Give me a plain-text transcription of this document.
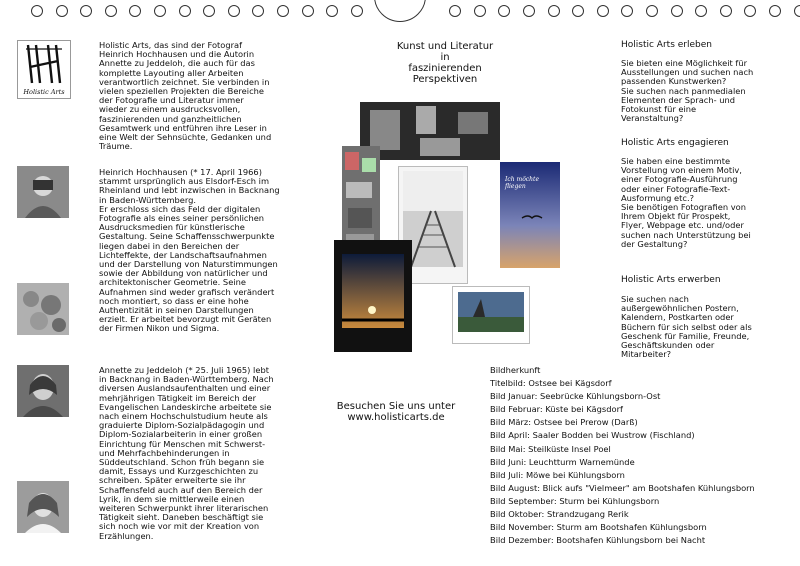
Holistic Arts
Holistic Arts, das sind der Fotograf
Heinrich Hochhausen und die Autorin
Annette zu Jeddeloh, die auch für das
komplette Layouting aller Arbeiten
verantwortlich zeichnet. Sie verbinden in
vielen speziellen Projekten die Bereiche
der Fotografie und Literatur immer
wieder zu einem ausdrucksvollen,
faszinierenden und ganzheitlichen
Gesamtwerk und entführen ihre Leser in
eine Welt der Sehnsüchte, Gedanken und
Träume.
Heinrich Hochhausen (* 17. April 1966)
stammt ursprünglich aus Elsdorf-Esch im
Rheinland und lebt inzwischen in Backnang
in Baden-Württemberg.
Er erschloss sich das Feld der digitalen
Fotografie als eines seiner persönlichen
Ausdrucksmedien für künstlerische
Gestaltung. Seine Schaffensschwerpunkte
liegen dabei in den Bereichen der
Lichteffekte, der Landschaftsaufnahmen
und der Darstellung von Naturstimmungen
sowie der Abbildung von natürlicher und
architektonischer Geometrie. Seine
Aufnahmen sind weder grafisch verändert
noch montiert, so dass er eine hohe
Authentizität in seinen Darstellungen
erzielt. Er arbeitet bevorzugt mit Geräten
der Firmen Nikon und Sigma.
Annette zu Jeddeloh (* 25. Juli 1965) lebt
in Backnang in Baden-Württemberg. Nach
diversen Auslandsaufenthalten und einer
mehrjährigen Tätigkeit im Bereich der
Evangelischen Landeskirche arbeitete sie
nach einem Hochschulstudium heute als
graduierte Diplom-Sozialpädagogin und
Diplom-Sozialarbeiterin in einer großen
Einrichtung für Menschen mit Schwerst-
und Mehrfachbehinderungen in
Süddeutschland. Schon früh begann sie
damit, Essays und Kurzgeschichten zu
schreiben. Später erweiterte sie ihr
Schaffensfeld auch auf den Bereich der
Lyrik, in dem sie mittlerweile einen
weiteren Schwerpunkt ihrer literarischen
Tätigkeit sieht. Daneben beschäftigt sie
sich noch wie vor mit der Kreation von
Erzählungen.
Kunst und Literatur
in
faszinierenden
Perspektiven
Ich möchte fliegen
Besuchen Sie uns unter
www.holisticarts.de
Holistic Arts erleben
Sie bieten eine Möglichkeit für
Ausstellungen und suchen nach
passenden Kunstwerken?
Sie suchen nach panmedialen
Elementen der Sprach- und
Fotokunst für eine
Veranstaltung?
Holistic Arts engagieren
Sie haben eine bestimmte
Vorstellung von einem Motiv,
einer Fotografie-Ausführung
oder einer Fotografie-Text-
Ausformung etc.?
Sie benötigen Fotografien von
Ihrem Objekt für Prospekt,
Flyer, Webpage etc. und/oder
suchen nach Unterstützung bei
der Gestaltung?
Holistic Arts erwerben
Sie suchen nach
außergewöhnlichen Postern,
Kalendern, Postkarten oder
Büchern für sich selbst oder als
Geschenk für Familie, Freunde,
Geschäftskunden oder
Mitarbeiter?
Bildherkunft
Titelbild: Ostsee bei Kägsdorf
Bild Januar: Seebrücke Kühlungsborn-Ost
Bild Februar: Küste bei Kägsdorf
Bild März: Ostsee bei Prerow (Darß)
Bild April: Saaler Bodden bei Wustrow (Fischland)
Bild Mai: Steilküste Insel Poel
Bild Juni: Leuchtturm Warnemünde
Bild Juli: Möwe bei Kühlungsborn
Bild August: Blick aufs "Vielmeer" am Bootshafen Kühlungsborn
Bild September: Sturm bei Kühlungsborn
Bild Oktober: Strandzugang Rerik
Bild November: Sturm am Bootshafen Kühlungsborn
Bild Dezember: Bootshafen Kühlungsborn bei Nacht
